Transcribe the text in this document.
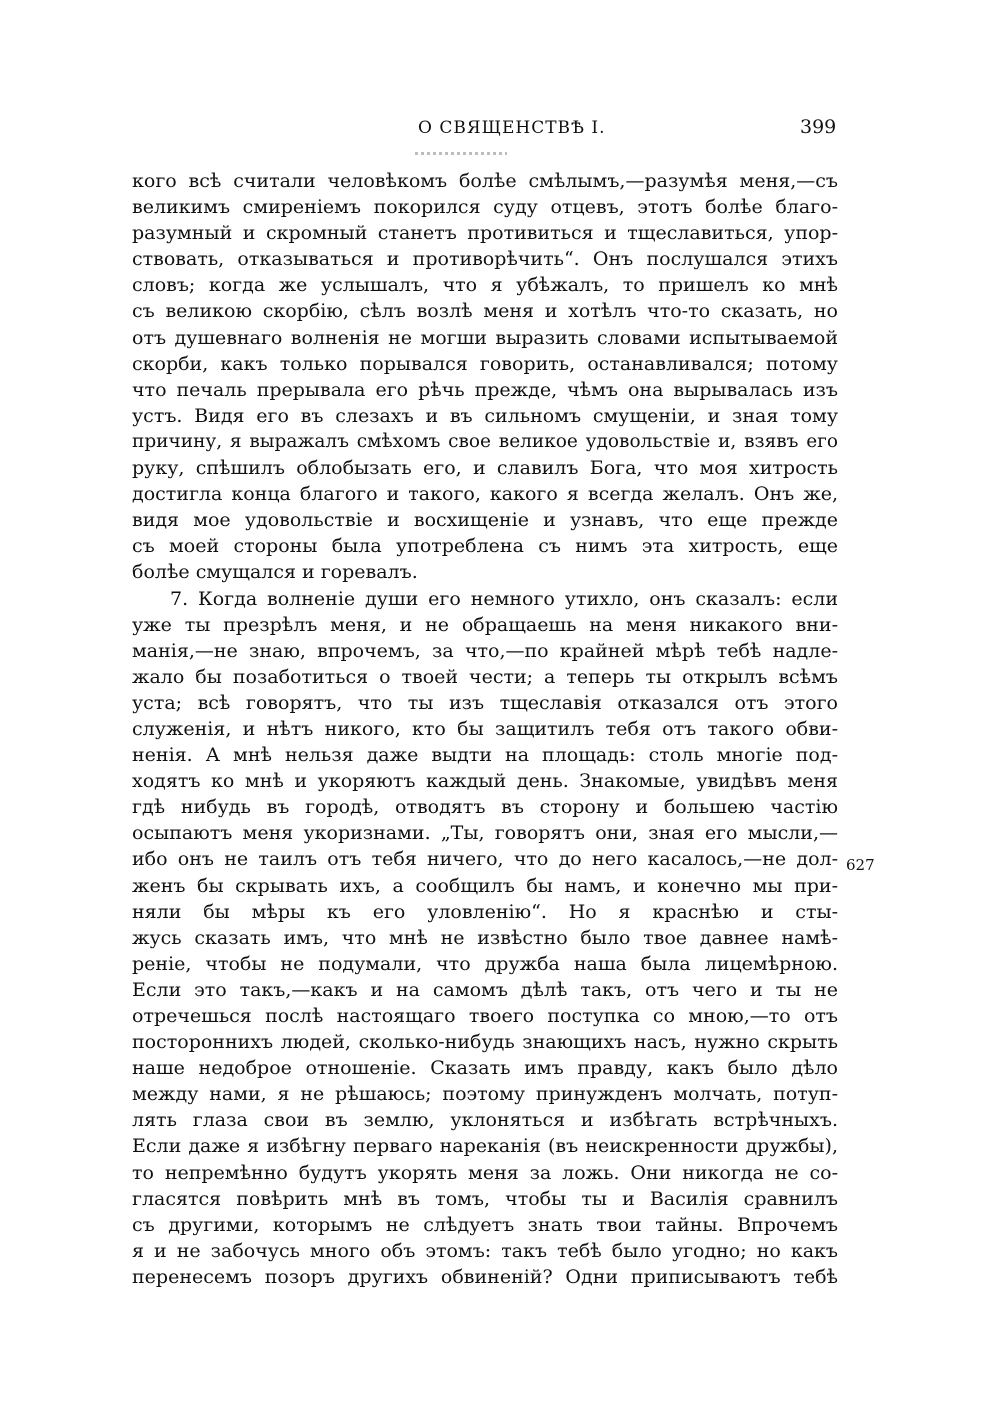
О СВЯЩЕНСТВѢ I.	399
кого всѣ считали человѣкомъ болѣе смѣлымъ,—разумѣя меня,—съ
великимъ смиреніемъ покорился суду отцевъ, этотъ болѣе благо-
разумный и скромный станетъ противиться и тщеславиться, упор-
ствовать, отказываться и противорѣчить“. Онъ послушался этихъ
словъ; когда же услышалъ, что я убѣжалъ, то пришелъ ко мнѣ
съ великою скорбію, сѣлъ возлѣ меня и хотѣлъ что-то сказать, но
отъ душевнаго волненія не могши выразить словами испытываемой
скорби, какъ только порывался говорить, останавливался; потому
что печаль прерывала его рѣчь прежде, чѣмъ она вырывалась изъ
устъ. Видя его въ слезахъ и въ сильномъ смущеніи, и зная тому
причину, я выражалъ смѣхомъ свое великое удовольствіе и, взявъ его
руку, спѣшилъ облобызать его, и славилъ Бога, что моя хитрость
достигла конца благого и такого, какого я всегда желалъ. Онъ же,
видя мое удовольствіе и восхищеніе и узнавъ, что еще прежде
съ моей стороны была употреблена съ нимъ эта хитрость, еще
болѣе смущался и горевалъ.
7. Когда волненіе души его немного утихло, онъ сказалъ: если
уже ты презрѣлъ меня, и не обращаешь на меня никакого вни-
манія,—не знаю, впрочемъ, за что,—по крайней мѣрѣ тебѣ надле-
жало бы позаботиться о твоей чести; а теперь ты открылъ всѣмъ
уста; всѣ говорятъ, что ты изъ тщеславія отказался отъ этого
служенія, и нѣтъ никого, кто бы защитилъ тебя отъ такого обви-
ненія. А мнѣ нельзя даже выдти на площадь: столь многіе под-
ходятъ ко мнѣ и укоряютъ каждый день. Знакомые, увидѣвъ меня
гдѣ нибудь въ городѣ, отводятъ въ сторону и большею частію
осыпаютъ меня укоризнами. „Ты, говорятъ они, зная его мысли,—
ибо онъ не таилъ отъ тебя ничего, что до него касалось,—не дол-
женъ бы скрывать ихъ, а сообщилъ бы намъ, и конечно мы при-
няли бы мѣры къ его уловленію“. Но я краснѣю и сты-
жусь сказать имъ, что мнѣ не извѣстно было твое давнее намѣ-
реніе, чтобы не подумали, что дружба наша была лицемѣрною.
Если это такъ,—какъ и на самомъ дѣлѣ такъ, отъ чего и ты не
отречешься послѣ настоящаго твоего поступка со мною,—то отъ
постороннихъ людей, сколько-нибудь знающихъ насъ, нужно скрыть
наше недоброе отношеніе. Сказать имъ правду, какъ было дѣло
между нами, я не рѣшаюсь; поэтому принужденъ молчать, потуп-
лять глаза свои въ землю, уклоняться и избѣгать встрѣчныхъ.
Если даже я избѣгну перваго нареканія (въ неискренности дружбы),
то непремѣнно будутъ укорять меня за ложь. Они никогда не со-
гласятся повѣрить мнѣ въ томъ, чтобы ты и Василія сравнилъ
съ другими, которымъ не слѣдуетъ знать твои тайны. Впрочемъ
я и не забочусь много объ этомъ: такъ тебѣ было угодно; но какъ
перенесемъ позоръ другихъ обвиненій? Одни приписываютъ тебѣ
627
